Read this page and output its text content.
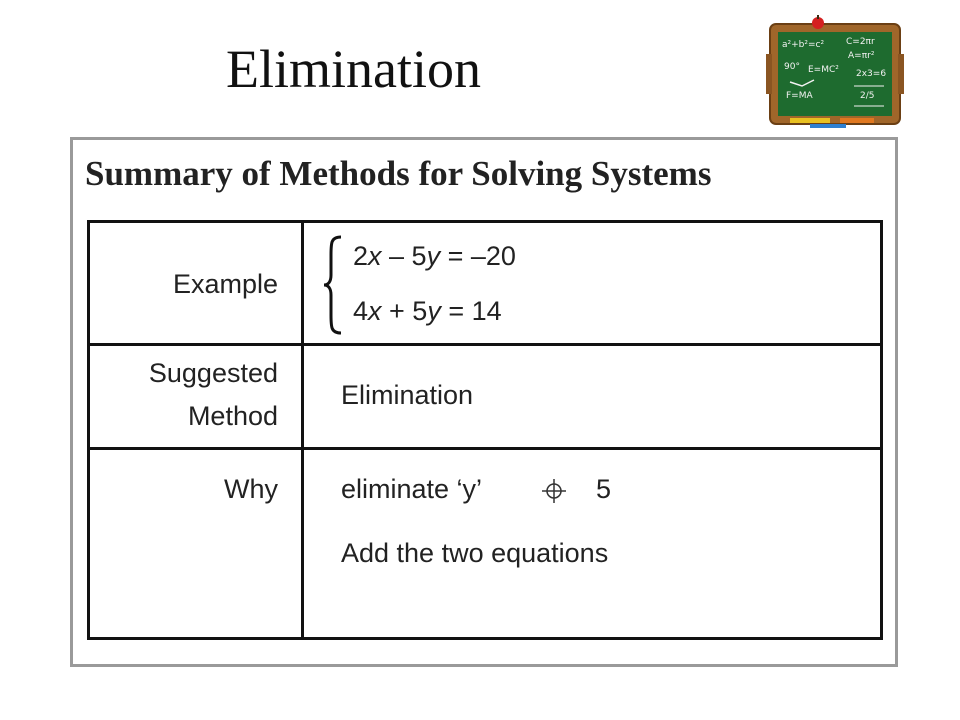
Elimination	a²+b²=c² C=2πr
A=πr²
90° E=MC²
F=MA
2x3=6
2/5
Summary of Methods for Solving Systems
Example
2x – 5y = –20
4x + 5y = 14
Suggested
Method
Elimination
Why eliminate ‘y’	5
Add the two equations
